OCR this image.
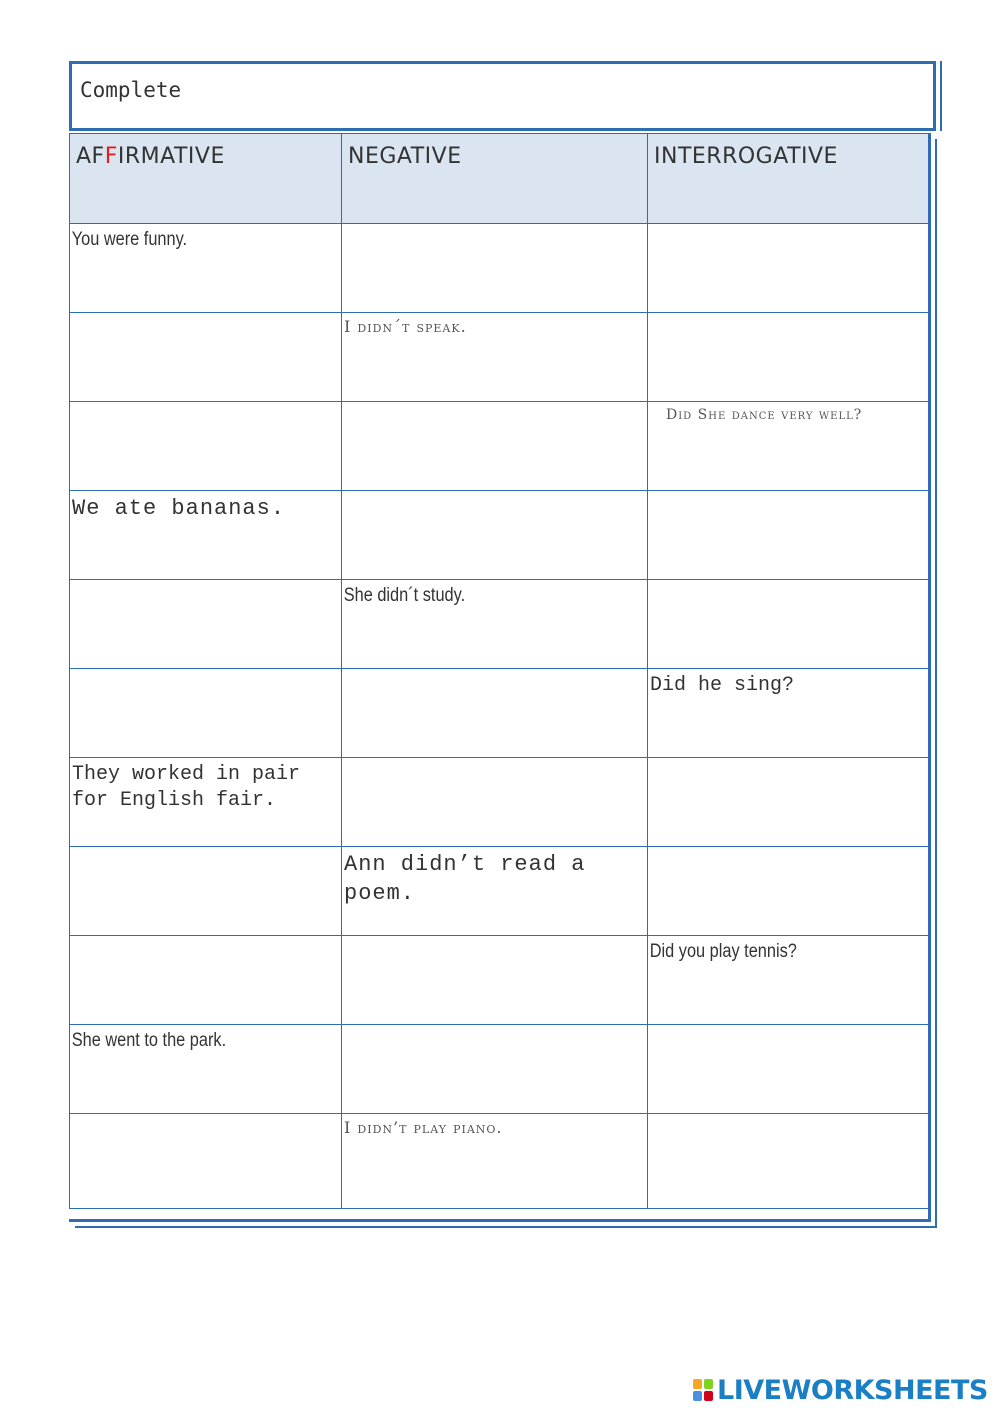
Complete
AFFIRMATIVE	NEGATIVE	INTERROGATIVE

You were funny.		

	I didn´t speak.	

		Did She dance very well?

We ate bananas.		

	She didn´t study.	

		Did he sing?

They worked in pair for English fair.		

	Ann didn’t read a poem.	

		Did you play tennis?

She went to the park.		

	I didn’t play piano.	

LIVEWORKSHEETS
